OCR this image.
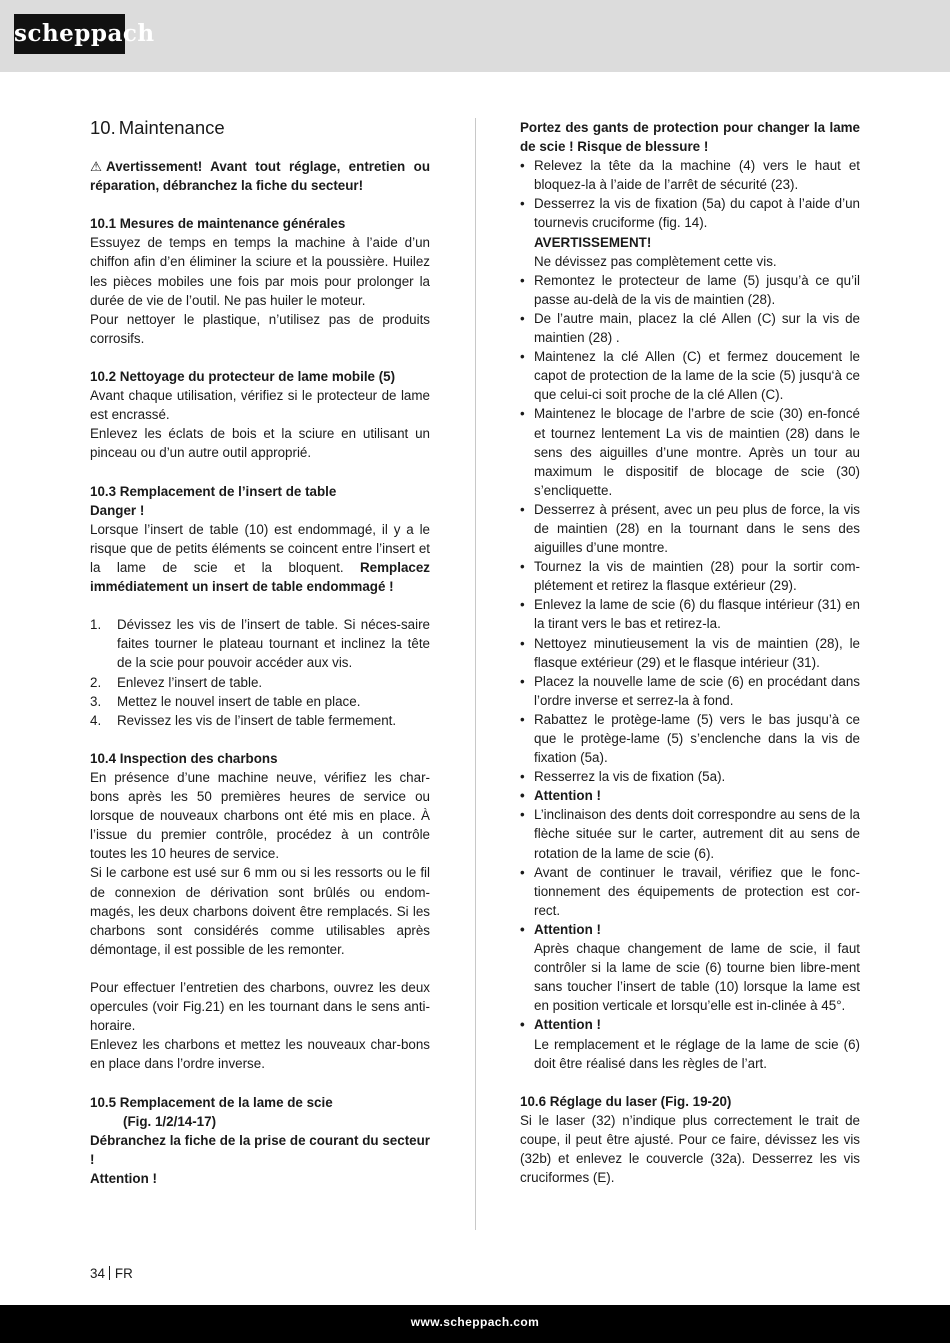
scheppach
10. Maintenance

⚠ Avertissement! Avant tout réglage, entretien ou réparation, débranchez la fiche du secteur!

10.1 Mesures de maintenance générales

Essuyez de temps en temps la machine à l’aide d’un chiffon afin d’en éliminer la sciure et la poussière. Huilez les pièces mobiles une fois par mois pour prolonger la durée de vie de l’outil. Ne pas huiler le moteur.

Pour nettoyer le plastique, n’utilisez pas de produits corrosifs.

10.2 Nettoyage du protecteur de lame mobile (5)

Avant chaque utilisation, vérifiez si le protecteur de lame est encrassé.

Enlevez les éclats de bois et la sciure en utilisant un pinceau ou d’un autre outil approprié.

10.3 Remplacement de l’insert de table

Danger !

Lorsque l’insert de table (10) est endommagé, il y a le risque que de petits éléments se coincent entre l’insert et la lame de scie et la bloquent. Remplacez immédiatement un insert de table endommagé !

1. Dévissez les vis de l’insert de table. Si néces-saire faites tourner le plateau tournant et inclinez la tête de la scie pour pouvoir accéder aux vis.
2. Enlevez l’insert de table.
3. Mettez le nouvel insert de table en place.
4. Revissez les vis de l’insert de table fermement.

10.4 Inspection des charbons

En présence d’une machine neuve, vérifiez les char-bons après les 50 premières heures de service ou lorsque de nouveaux charbons ont été mis en place. À l’issue du premier contrôle, procédez à un contrôle toutes les 10 heures de service.

Si le carbone est usé sur 6 mm ou si les ressorts ou le fil de connexion de dérivation sont brûlés ou endom-magés, les deux charbons doivent être remplacés. Si les charbons sont considérés comme utilisables après démontage, il est possible de les remonter.

Pour effectuer l’entretien des charbons, ouvrez les deux opercules (voir Fig.21) en les tournant dans le sens anti-horaire.

Enlevez les charbons et mettez les nouveaux char-bons en place dans l’ordre inverse.

10.5 Remplacement de la lame de scie

(Fig. 1/2/14-17)

Débranchez la fiche de la prise de courant du secteur !

Attention !

Portez des gants de protection pour changer la lame de scie ! Risque de blessure !

• Relevez la tête da la machine (4) vers le haut et bloquez-la à l’aide de l’arrêt de sécurité (23).
• Desserrez la vis de fixation (5a) du capot à l’aide d’un tournevis cruciforme (fig. 14).
AVERTISSEMENT!
Ne dévissez pas complètement cette vis.
• Remontez le protecteur de lame (5) jusqu’à ce qu’il passe au-delà de la vis de maintien (28).
• De l’autre main, placez la clé Allen (C) sur la vis de maintien (28) .
• Maintenez la clé Allen (C) et fermez doucement le capot de protection de la lame de la scie (5) jusqu‘à ce que celui-ci soit proche de la clé Allen (C).
• Maintenez le blocage de l’arbre de scie (30) en-foncé et tournez lentement La vis de maintien (28) dans le sens des aiguilles d’une montre. Après un tour au maximum le dispositif de blocage de scie (30) s’encliquette.
• Desserrez à présent, avec un peu plus de force, la vis de maintien (28) en la tournant dans le sens des aiguilles d’une montre.
• Tournez la vis de maintien (28) pour la sortir com-plétement et retirez la flasque extérieur (29).
• Enlevez la lame de scie (6) du flasque intérieur (31) en la tirant vers le bas et retirez-la.
• Nettoyez minutieusement la vis de maintien (28), le flasque extérieur (29) et le flasque intérieur (31).
• Placez la nouvelle lame de scie (6) en procédant dans l’ordre inverse et serrez-la à fond.
• Rabattez le protège-lame (5) vers le bas jusqu’à ce que le protège-lame (5) s’enclenche dans la vis de fixation (5a).
• Resserrez la vis de fixation (5a).
• Attention !
• L’inclinaison des dents doit correspondre au sens de la flèche située sur le carter, autrement dit au sens de rotation de la lame de scie (6).
• Avant de continuer le travail, vérifiez que le fonc-tionnement des équipements de protection est cor-rect.
• Attention !
Après chaque changement de lame de scie, il faut contrôler si la lame de scie (6) tourne bien libre-ment sans toucher l’insert de table (10) lorsque la lame est en position verticale et lorsqu’elle est in-clinée à 45°.
• Attention !
Le remplacement et le réglage de la lame de scie (6) doit être réalisé dans les règles de l’art.

10.6 Réglage du laser (Fig. 19-20)

Si le laser (32) n’indique plus correctement le trait de coupe, il peut être ajusté. Pour ce faire, dévissez les vis (32b) et enlevez le couvercle (32a). Desserrez les vis cruciformes (E).

34 FR
www.scheppach.com
